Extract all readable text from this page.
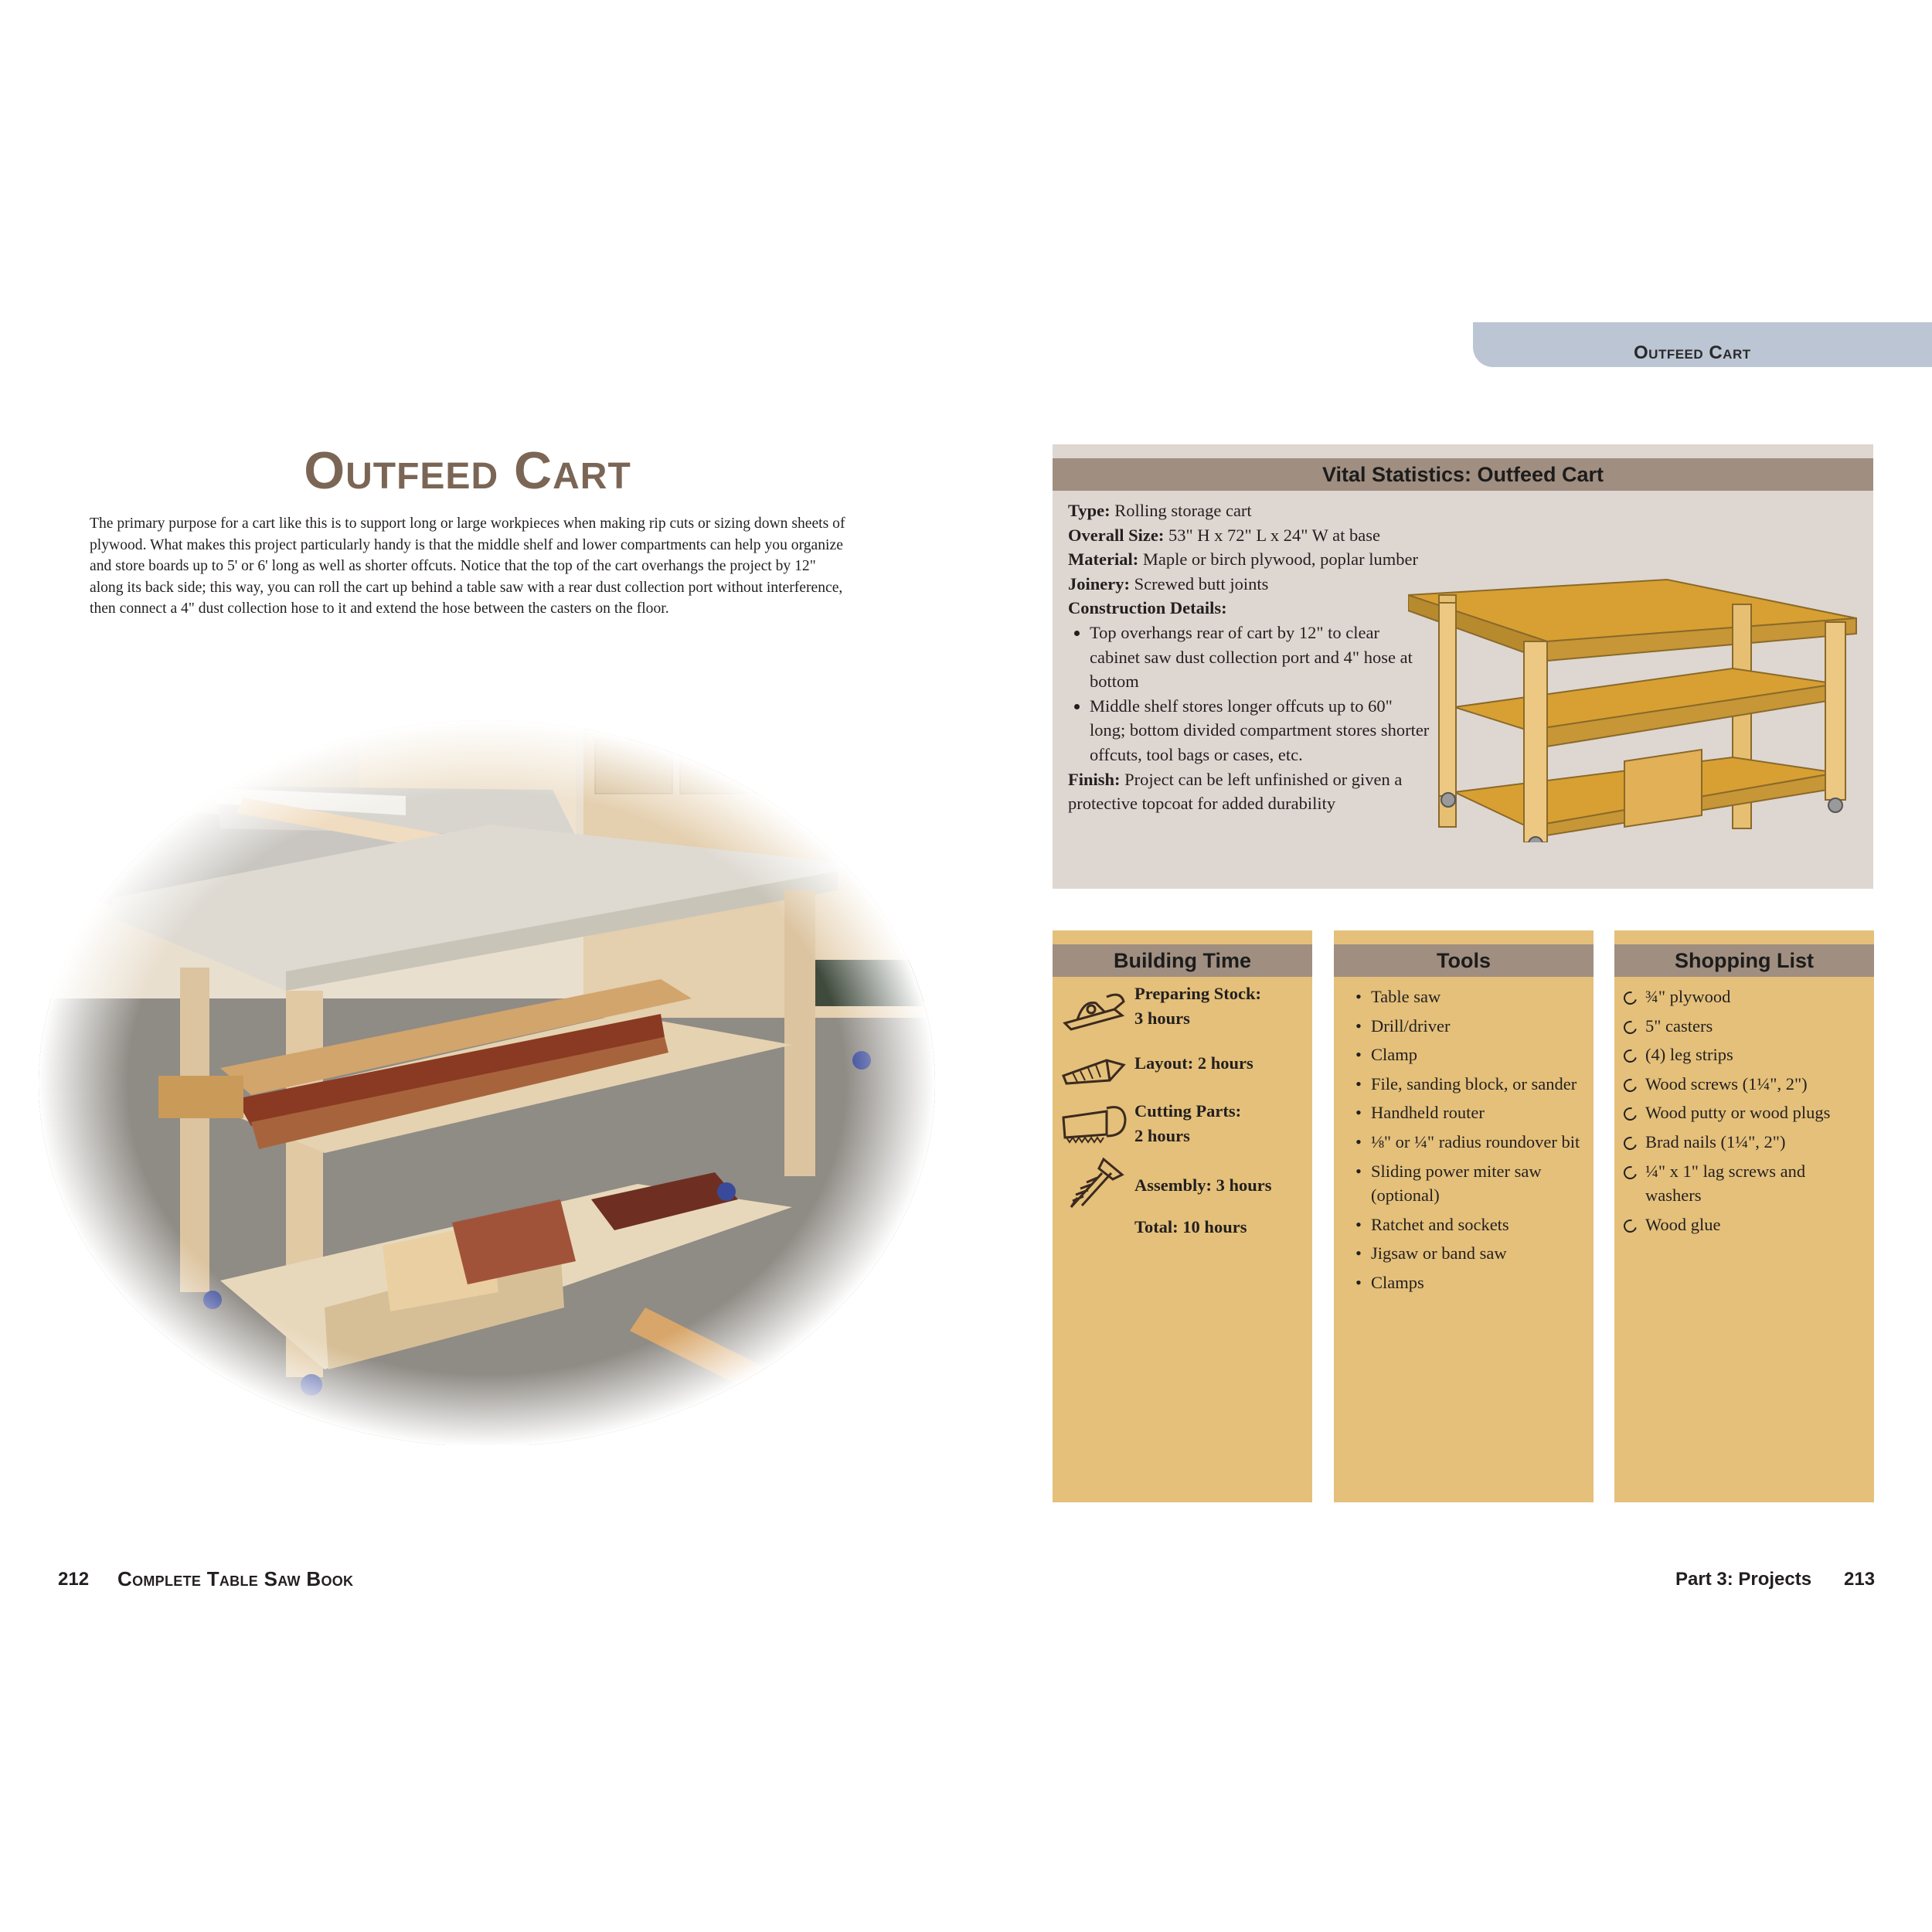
Outfeed Cart
Outfeed Cart

The primary purpose for a cart like this is to support long or large workpieces when making rip cuts or sizing down sheets of plywood. What makes this project particularly handy is that the middle shelf and lower compartments can help you organize and store boards up to 5' or 6' long as well as shorter offcuts. Notice that the top of the cart overhangs the project by 12" along its back side; this way, you can roll the cart up behind a table saw with a rear dust collection port without interference, then connect a 4" dust collection hose to it and extend the hose between the casters on the floor.

Vital Statistics: Outfeed Cart

Type: Rolling storage cart

Overall Size: 53" H x 72" L x 24" W at base

Material: Maple or birch plywood, poplar lumber

Joinery: Screwed butt joints

Construction Details:

• Top overhangs rear of cart by 12" to clear cabinet saw dust collection port and 4" hose at bottom
• Middle shelf stores longer offcuts up to 60" long; bottom divided compartment stores shorter offcuts, tool bags or cases, etc.

Finish: Project can be left unfinished or given a protective topcoat for added durability

Building Time
Preparing Stock:
3 hours
Layout: 2 hours
Cutting Parts:
2 hours
Assembly: 3 hours
Total: 10 hours
Tools
• Table saw
• Drill/driver
• Clamp
• File, sanding block, or sander
• Handheld router
• ⅛" or ¼" radius roundover bit
• Sliding power miter saw (optional)
• Ratchet and sockets
• Jigsaw or band saw
• Clamps
Shopping List
¾" plywood
5" casters
(4) leg strips
Wood screws (1¼", 2")
Wood putty or wood plugs
Brad nails (1¼", 2")
¼" x 1" lag screws and washers
Wood glue
212 Complete Table Saw Book	Part 3: Projects 213
